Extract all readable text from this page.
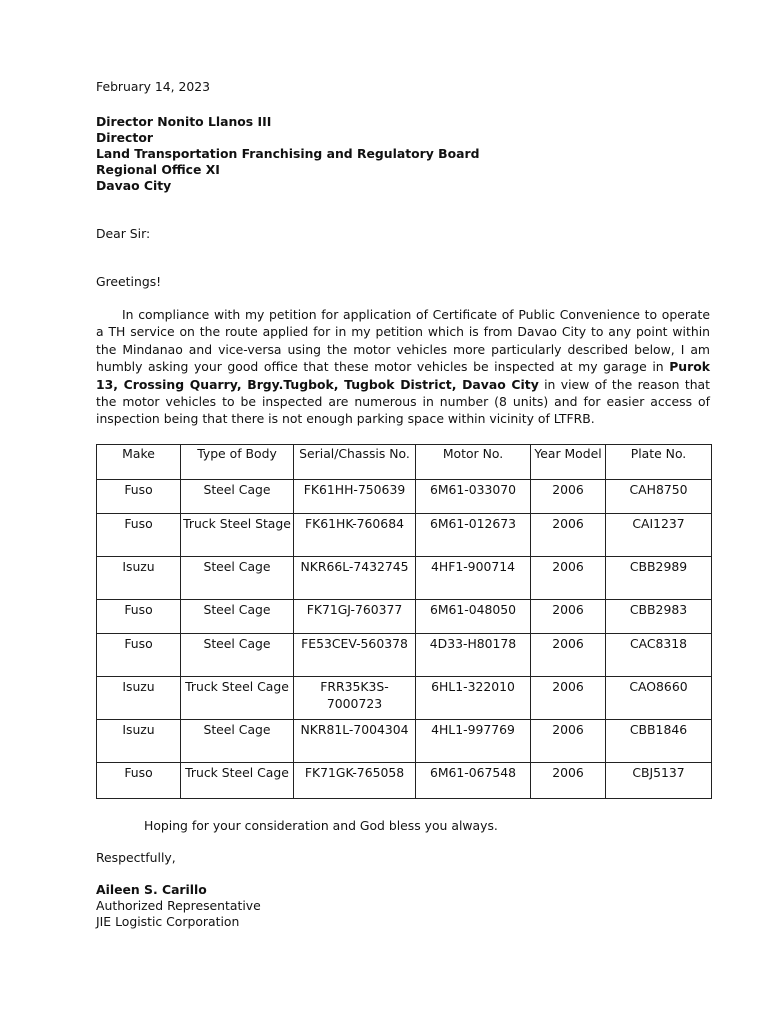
February 14, 2023

Director Nonito Llanos III
Director
Land Transportation Franchising and Regulatory Board
Regional Office XI
Davao City

Dear Sir:

Greetings!

In compliance with my petition for application of Certificate of Public Convenience to operate a TH service on the route applied for in my petition which is from Davao City to any point within the Mindanao and vice-versa using the motor vehicles more particularly described below, I am humbly asking your good office that these motor vehicles be inspected at my garage in Purok 13, Crossing Quarry, Brgy.Tugbok, Tugbok District, Davao City in view of the reason that the motor vehicles to be inspected are numerous in number (8 units) and for easier access of inspection being that there is not enough parking space within vicinity of LTFRB.

Make	Type of Body	Serial/Chassis No.	Motor No.	Year Model	Plate No.
Fuso	Steel Cage	FK61HH-750639	6M61-033070	2006	CAH8750
Fuso	Truck Steel Stage	FK61HK-760684	6M61-012673	2006	CAI1237
Isuzu	Steel Cage	NKR66L-7432745	4HF1-900714	2006	CBB2989
Fuso	Steel Cage	FK71GJ-760377	6M61-048050	2006	CBB2983
Fuso	Steel Cage	FE53CEV-560378	4D33-H80178	2006	CAC8318
Isuzu	Truck Steel Cage	FRR35K3S-7000723	6HL1-322010	2006	CAO8660
Isuzu	Steel Cage	NKR81L-7004304	4HL1-997769	2006	CBB1846
Fuso	Truck Steel Cage	FK71GK-765058	6M61-067548	2006	CBJ5137

Hoping for your consideration and God bless you always.

Respectfully,

Aileen S. Carillo
Authorized Representative
JIE Logistic Corporation
